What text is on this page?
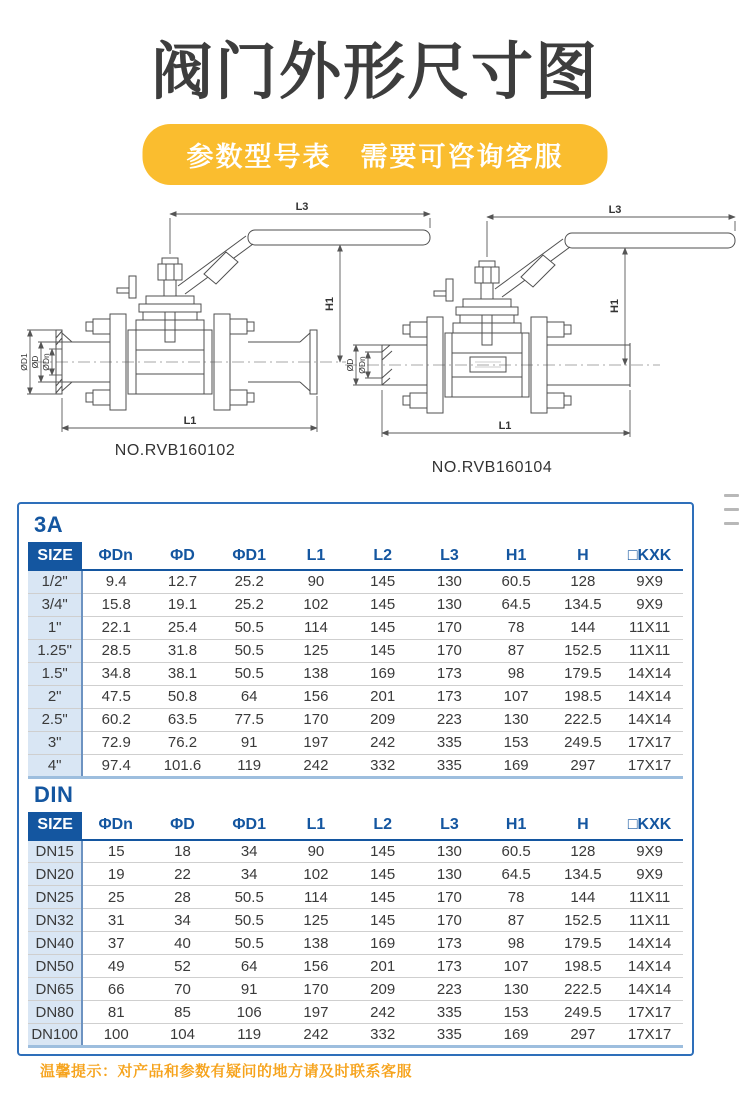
阀门外形尺寸图
参数型号表　需要可咨询客服
L3
H1
L1
ØD1 ØD ØDn
NO.RVB160102
L3
H1
L1
ØD ØDn
NO.RVB160104
3A
SIZE	ΦDn	ΦD	ΦD1	L1	L2	L3	H1	H	□KXK
1/2"	9.4	12.7	25.2	90	145	130	60.5	128	9X9
3/4"	15.8	19.1	25.2	102	145	130	64.5	134.5	9X9
1"	22.1	25.4	50.5	114	145	170	78	144	11X11
1.25"	28.5	31.8	50.5	125	145	170	87	152.5	11X11
1.5"	34.8	38.1	50.5	138	169	173	98	179.5	14X14
2"	47.5	50.8	64	156	201	173	107	198.5	14X14
2.5"	60.2	63.5	77.5	170	209	223	130	222.5	14X14
3"	72.9	76.2	91	197	242	335	153	249.5	17X17
4"	97.4	101.6	119	242	332	335	169	297	17X17
DIN
SIZE	ΦDn	ΦD	ΦD1	L1	L2	L3	H1	H	□KXK
DN15	15	18	34	90	145	130	60.5	128	9X9
DN20	19	22	34	102	145	130	64.5	134.5	9X9
DN25	25	28	50.5	114	145	170	78	144	11X11
DN32	31	34	50.5	125	145	170	87	152.5	11X11
DN40	37	40	50.5	138	169	173	98	179.5	14X14
DN50	49	52	64	156	201	173	107	198.5	14X14
DN65	66	70	91	170	209	223	130	222.5	14X14
DN80	81	85	106	197	242	335	153	249.5	17X17
DN100	100	104	119	242	332	335	169	297	17X17
温馨提示：对产品和参数有疑问的地方请及时联系客服
